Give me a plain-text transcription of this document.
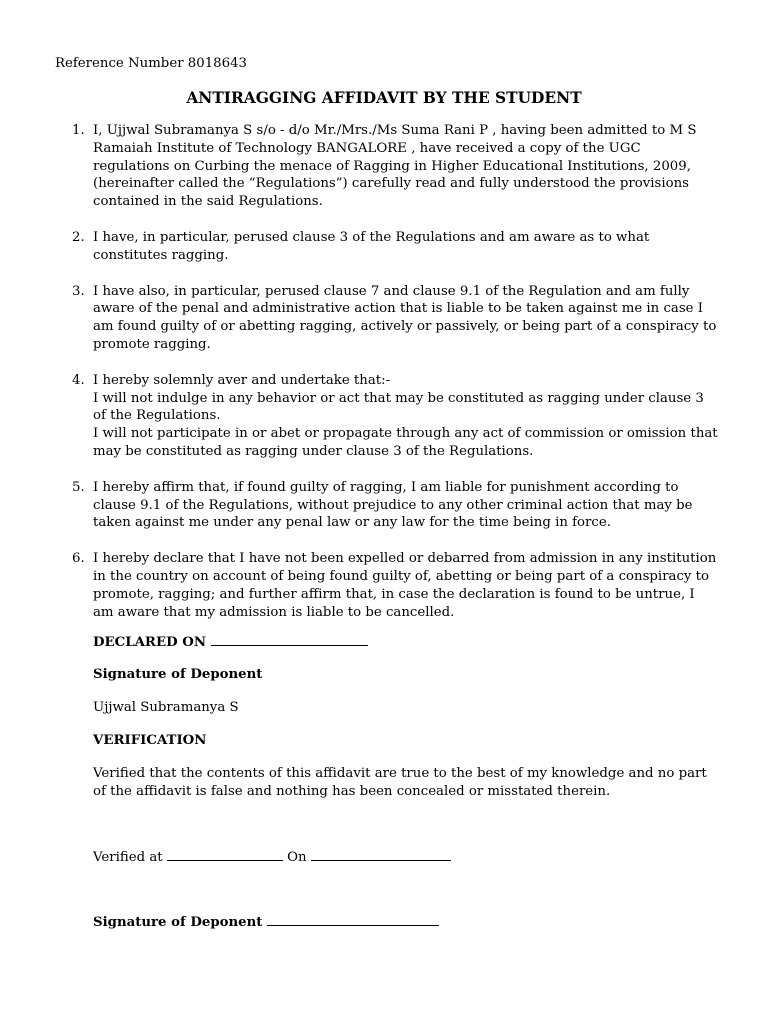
Reference Number 8018643
ANTIRAGGING AFFIDAVIT BY THE STUDENT
1. I, Ujjwal Subramanya S s/o - d/o Mr./Mrs./Ms Suma Rani P , having been admitted to M S Ramaiah Institute of Technology BANGALORE , have received a copy of the UGC regulations on Curbing the menace of Ragging in Higher Educational Institutions, 2009, (hereinafter called the “Regulations”) carefully read and fully understood the provisions contained in the said Regulations.

2. I have, in particular, perused clause 3 of the Regulations and am aware as to what constitutes ragging.

3. I have also, in particular, perused clause 7 and clause 9.1 of the Regulation and am fully aware of the penal and administrative action that is liable to be taken against me in case I am found guilty of or abetting ragging, actively or passively, or being part of a conspiracy to promote ragging.

4. I hereby solemnly aver and undertake that:-

I will not indulge in any behavior or act that may be constituted as ragging under clause 3 of the Regulations.

I will not participate in or abet or propagate through any act of commission or omission that may be constituted as ragging under clause 3 of the Regulations.

5. I hereby affirm that, if found guilty of ragging, I am liable for punishment according to clause 9.1 of the Regulations, without prejudice to any other criminal action that may be taken against me under any penal law or any law for the time being in force.

6. I hereby declare that I have not been expelled or debarred from admission in any institution in the country on account of being found guilty of, abetting or being part of a conspiracy to promote, ragging; and further affirm that, in case the declaration is found to be untrue, I am aware that my admission is liable to be cancelled.

DECLARED ON
Signature of Deponent
Ujjwal Subramanya S
VERIFICATION

Verified that the contents of this affidavit are true to the best of my knowledge and no part of the affidavit is false and nothing has been concealed or misstated therein.

Verified at	On
Signature of Deponent
